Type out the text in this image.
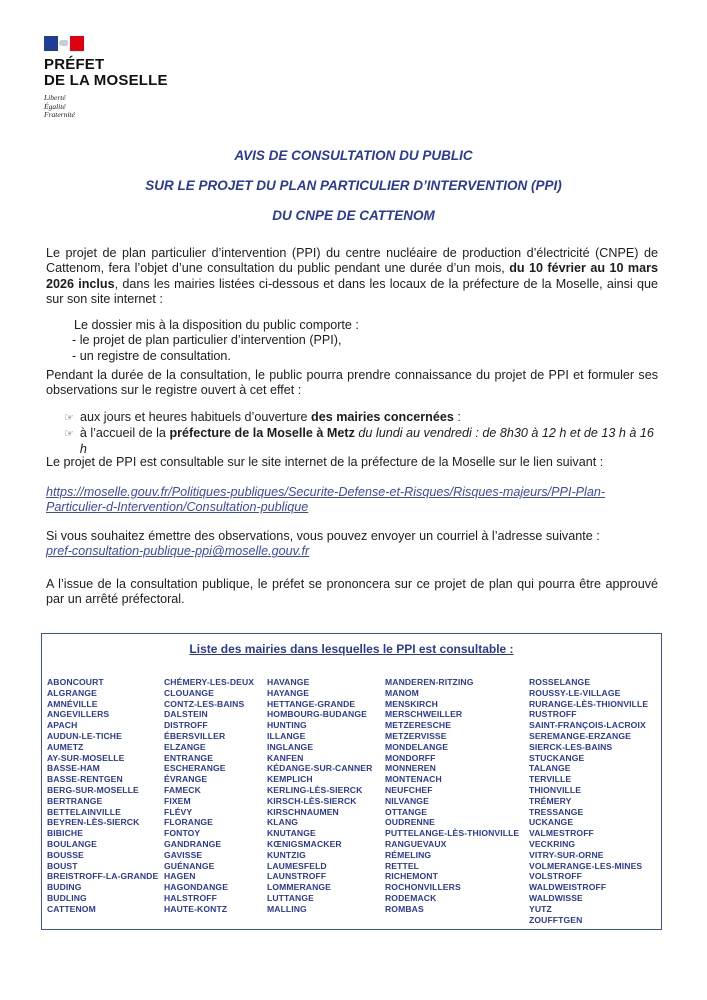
PRÉFET
DE LA MOSELLE
Liberté
Égalité
Fraternité

AVIS DE CONSULTATION DU PUBLIC

SUR LE PROJET DU PLAN PARTICULIER D’INTERVENTION (PPI)

DU CNPE DE CATTENOM

Le projet de plan particulier d’intervention (PPI) du centre nucléaire de production d’électricité (CNPE) de Cattenom, fera l’objet d’une consultation du public pendant une durée d’un mois, du 10 février au 10 mars 2026 inclus, dans les mairies listées ci-dessous et dans les locaux de la préfecture de la Moselle, ainsi que sur son site internet :

Le dossier mis à la disposition du public comporte :
- le projet de plan particulier d’intervention (PPI),
- un registre de consultation.

Pendant la durée de la consultation, le public pourra prendre connaissance du projet de PPI et formuler ses observations sur le registre ouvert à cet effet :

☞ aux jours et heures habituels d’ouverture des mairies concernées :
☞ à l’accueil de la préfecture de la Moselle à Metz du lundi au vendredi : de 8h30 à 12 h et de 13 h à 16 h

Le projet de PPI est consultable sur le site internet de la préfecture de la Moselle sur le lien suivant :

https://moselle.gouv.fr/Politiques-publiques/Securite-Defense-et-Risques/Risques-majeurs/PPI-Plan-Particulier-d-Intervention/Consultation-publique

Si vous souhaitez émettre des observations, vous pouvez envoyer un courriel à l’adresse suivante :
pref-consultation-publique-ppi@moselle.gouv.fr

A l’issue de la consultation publique, le préfet se prononcera sur ce projet de plan qui pourra être approuvé par un arrêté préfectoral.

Liste des mairies dans lesquelles le PPI est consultable :
ABONCOURT
ALGRANGE
AMNÉVILLE
ANGEVILLERS
APACH
AUDUN-LE-TICHE
AUMETZ
AY-SUR-MOSELLE
BASSE-HAM
BASSE-RENTGEN
BERG-SUR-MOSELLE
BERTRANGE
BETTELAINVILLE
BEYREN-LÈS-SIERCK
BIBICHE
BOULANGE
BOUSSE
BOUST
BREISTROFF-LA-GRANDE
BUDING
BUDLING
CATTENOM
CHÉMERY-LES-DEUX
CLOUANGE
CONTZ-LES-BAINS
DALSTEIN
DISTROFF
ÉBERSVILLER
ELZANGE
ENTRANGE
ESCHERANGE
ÉVRANGE
FAMECK
FIXEM
FLÉVY
FLORANGE
FONTOY
GANDRANGE
GAVISSE
GUÉNANGE
HAGEN
HAGONDANGE
HALSTROFF
HAUTE-KONTZ
HAVANGE
HAYANGE
HETTANGE-GRANDE
HOMBOURG-BUDANGE
HUNTING
ILLANGE
INGLANGE
KANFEN
KÉDANGE-SUR-CANNER
KEMPLICH
KERLING-LÈS-SIERCK
KIRSCH-LÈS-SIERCK
KIRSCHNAUMEN
KLANG
KNUTANGE
KŒNIGSMACKER
KUNTZIG
LAUMESFELD
LAUNSTROFF
LOMMERANGE
LUTTANGE
MALLING
MANDEREN-RITZING
MANOM
MENSKIRCH
MERSCHWEILLER
METZERESCHE
METZERVISSE
MONDELANGE
MONDORFF
MONNEREN
MONTENACH
NEUFCHEF
NILVANGE
OTTANGE
OUDRENNE
PUTTELANGE-LÈS-THIONVILLE
RANGUEVAUX
RÉMELING
RETTEL
RICHEMONT
ROCHONVILLERS
RODEMACK
ROMBAS
ROSSELANGE
ROUSSY-LE-VILLAGE
RURANGE-LÈS-THIONVILLE
RUSTROFF
SAINT-FRANÇOIS-LACROIX
SEREMANGE-ERZANGE
SIERCK-LES-BAINS
STUCKANGE
TALANGE
TERVILLE
THIONVILLE
TRÉMERY
TRESSANGE
UCKANGE
VALMESTROFF
VECKRING
VITRY-SUR-ORNE
VOLMERANGE-LES-MINES
VOLSTROFF
WALDWEISTROFF
WALDWISSE
YUTZ
ZOUFFTGEN
